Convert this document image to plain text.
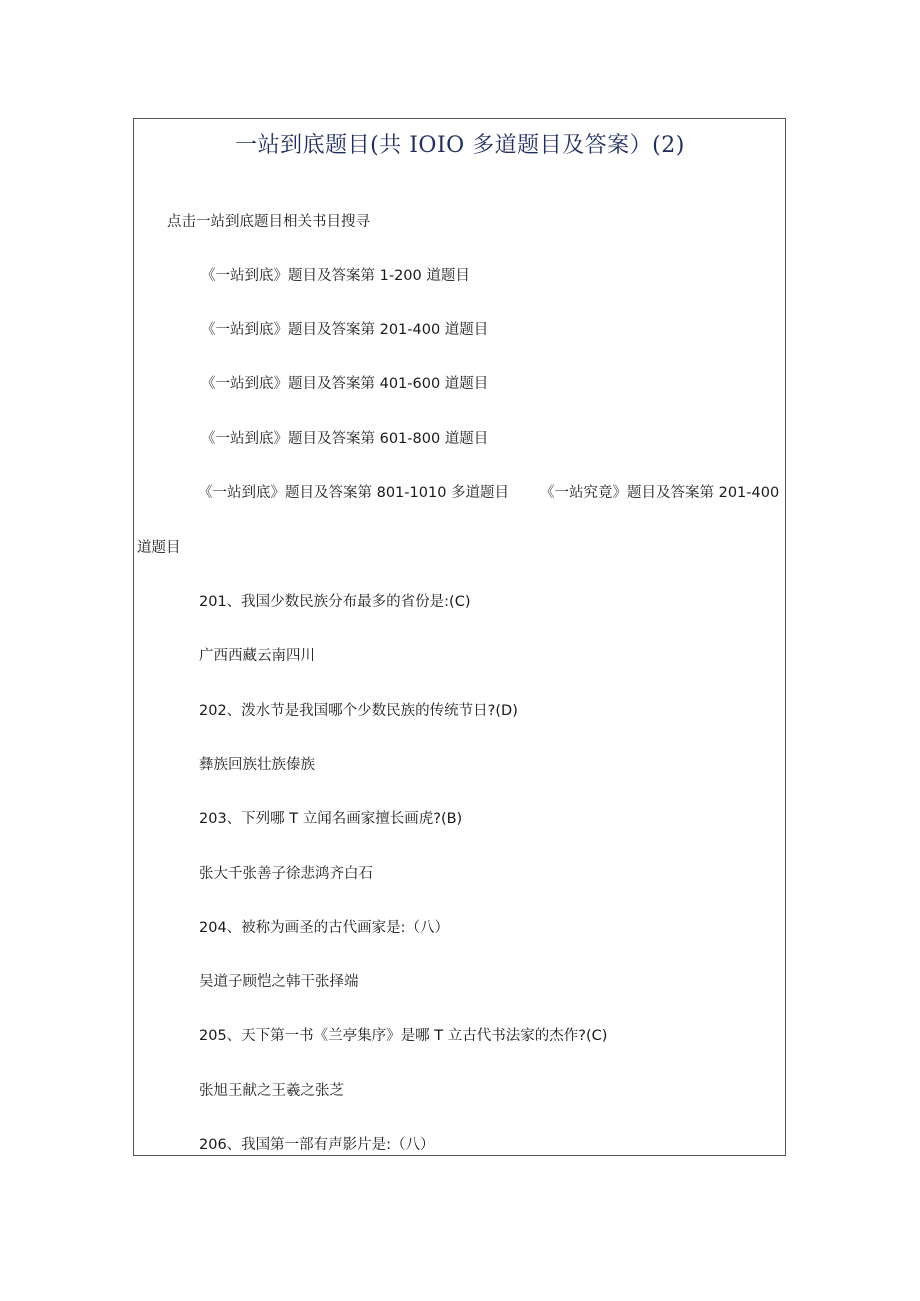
一站到底题目(共 IOIO 多道题目及答案）(2)
点击一站到底题目相关书目搜寻
《一站到底》题目及答案第 1-200 道题目
《一站到底》题目及答案第 201-400 道题目
《一站到底》题目及答案第 401-600 道题目
《一站到底》题目及答案第 601-800 道题目
《一站到底》题目及答案第 801-1010 多道题目 《一站究竟》题目及答案第 201-400
道题目
201、我国少数民族分布最多的省份是:(C)
广西西藏云南四川
202、泼水节是我国哪个少数民族的传统节日?(D)
彝族回族壮族傣族
203、下列哪 T 立闻名画家擅长画虎?(B)
张大千张善子徐悲鸿齐白石
204、被称为画圣的古代画家是:（八）
吴道子顾恺之韩干张择端
205、天下第一书《兰亭集序》是哪 T 立古代书法家的杰作?(C)
张旭王献之王羲之张芝
206、我国第一部有声影片是:（八）
